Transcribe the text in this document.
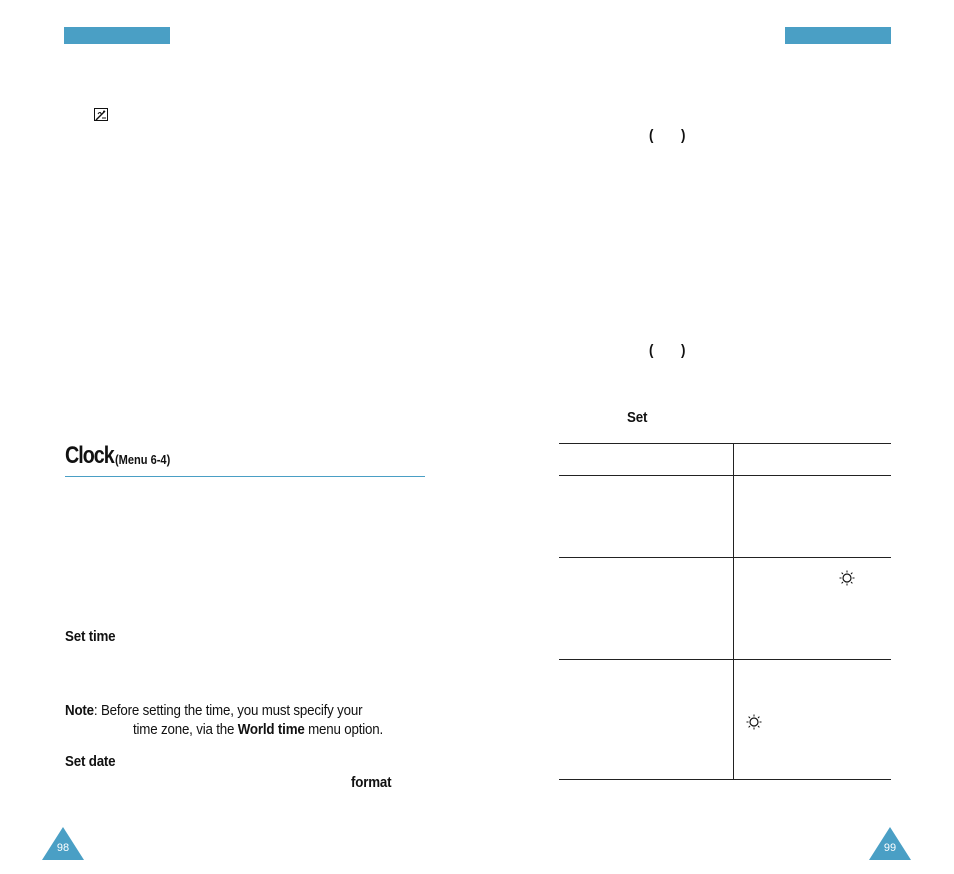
Clock (Menu 6-4)
Set time
Note: Before setting the time, you must specify your
time zone, via the World time menu option.
Set date
format
( )
( )
Set
98	99
